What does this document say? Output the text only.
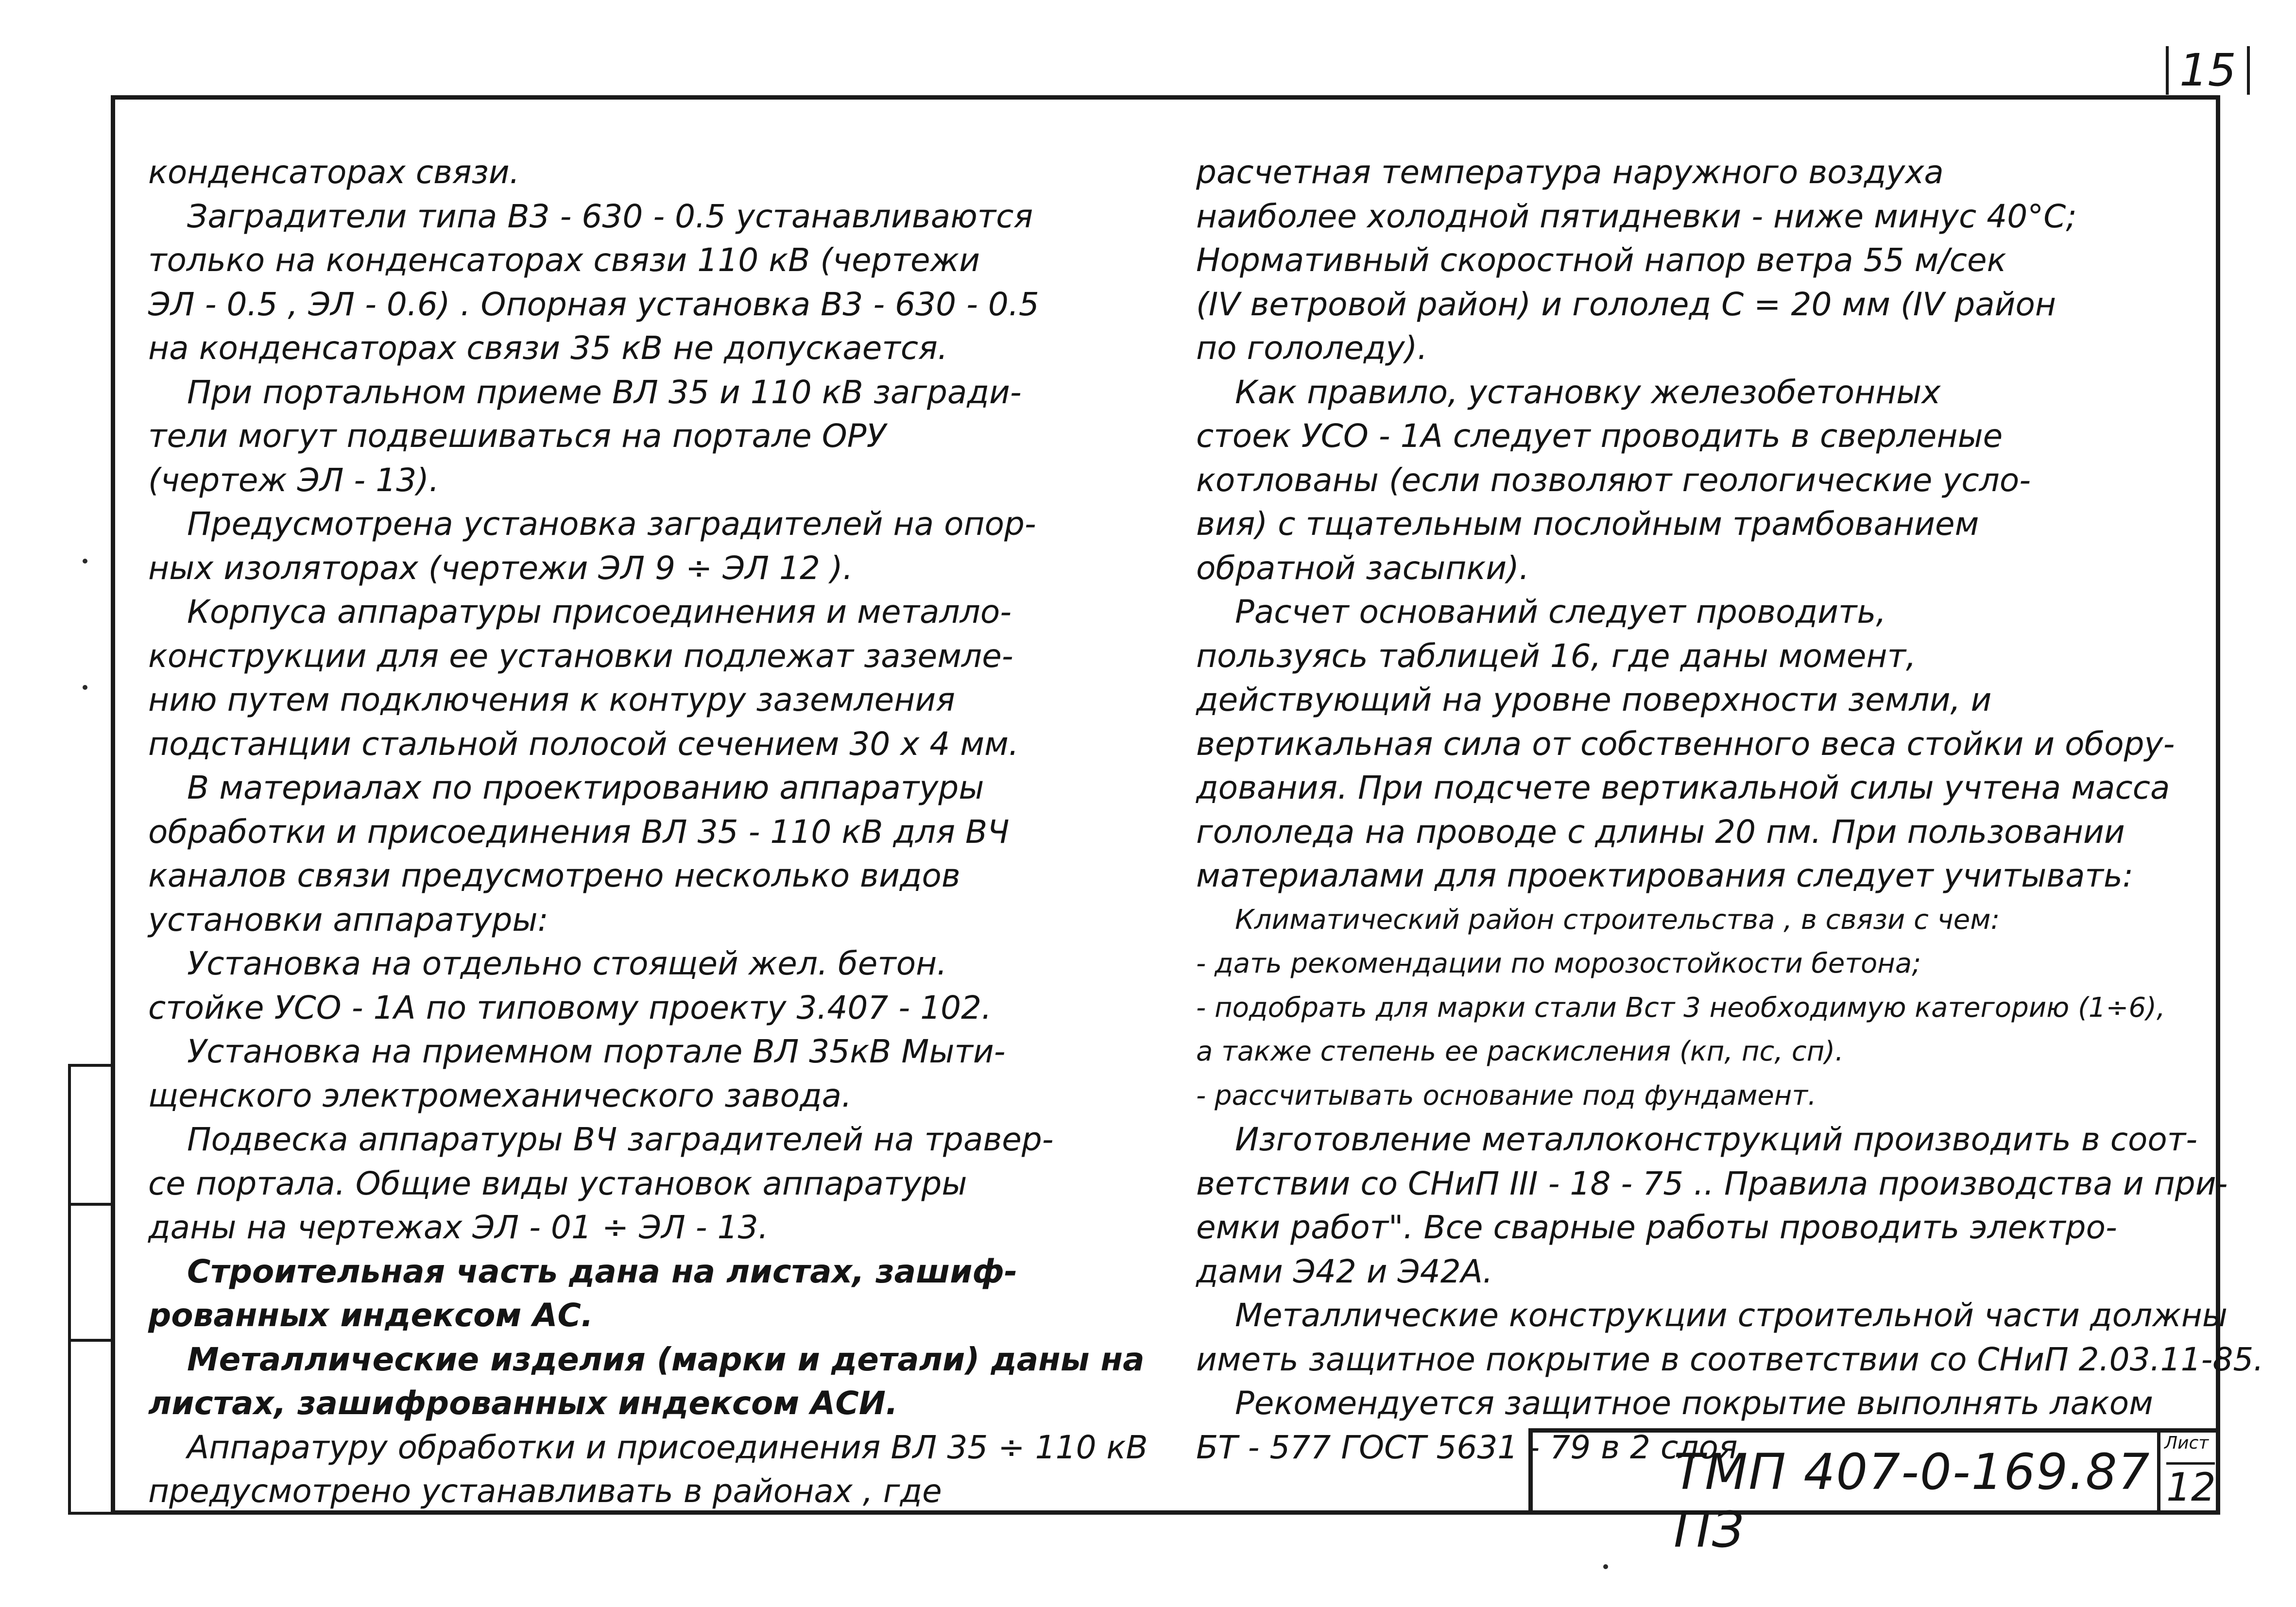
15
конденсаторах связи.
Заградители типа В3 - 630 - 0.5 устанавливаются
только на конденсаторах связи 110 кВ (чертежи
ЭЛ - 0.5 , ЭЛ - 0.6) . Опорная установка В3 - 630 - 0.5
на конденсаторах связи 35 кВ не допускается.
При портальном приеме ВЛ 35 и 110 кВ загради-
тели могут подвешиваться на портале ОРУ
(чертеж ЭЛ - 13).
Предусмотрена установка заградителей на опор-
ных изоляторах (чертежи ЭЛ 9 ÷ ЭЛ 12 ).
Корпуса аппаратуры присоединения и металло-
конструкции для ее установки подлежат заземле-
нию путем подключения к контуру заземления
подстанции стальной полосой сечением 30 х 4 мм.
В материалах по проектированию аппаратуры
обработки и присоединения ВЛ 35 - 110 кВ для ВЧ
каналов связи предусмотрено несколько видов
установки аппаратуры:
Установка на отдельно стоящей жел. бетон.
стойке УСО - 1А по типовому проекту 3.407 - 102.
Установка на приемном портале ВЛ 35кВ Мыти-
щенского электромеханического завода.
Подвеска аппаратуры ВЧ заградителей на травер-
се портала. Общие виды установок аппаратуры
даны на чертежах ЭЛ - 01 ÷ ЭЛ - 13.
Строительная часть дана на листах, зашиф-
рованных индексом АС.
Металлические изделия (марки и детали) даны на
листах, зашифрованных индексом АСИ.
Аппаратуру обработки и присоединения ВЛ 35 ÷ 110 кВ
предусмотрено устанавливать в районах , где
расчетная температура наружного воздуха
наиболее холодной пятидневки - ниже минус 40°С;
Нормативный скоростной напор ветра 55 м/сек
(IV ветровой район) и гололед С = 20 мм (IV район
по гололеду).
Как правило, установку железобетонных
стоек УСО - 1А следует проводить в сверленые
котлованы (если позволяют геологические усло-
вия) с тщательным послойным трамбованием
обратной засыпки).
Расчет оснований следует проводить,
пользуясь таблицей 16, где даны момент,
действующий на уровне поверхности земли, и
вертикальная сила от собственного веса стойки и обору-
дования. При подсчете вертикальной силы учтена масса
гололеда на проводе с длины 20 пм. При пользовании
материалами для проектирования следует учитывать:
Климатический район строительства , в связи с чем:
- дать рекомендации по морозостойкости бетона;
- подобрать для марки стали Вст 3 необходимую категорию (1÷6),
а также степень ее раскисления (кп, пс, сп).
- рассчитывать основание под фундамент.
Изготовление металлоконструкций производить в соот-
ветствии со СНиП III - 18 - 75 .. Правила производства и при-
емки работ". Все сварные работы проводить электро-
дами Э42 и Э42А.
Металлические конструкции строительной части должны
иметь защитное покрытие в соответствии со СНиП 2.03.11-85.
Рекомендуется защитное покрытие выполнять лаком
БТ - 577 ГОСТ 5631 - 79 в 2 слоя.
ТМП 407-0-169.87 ПЗ
Лист
12
